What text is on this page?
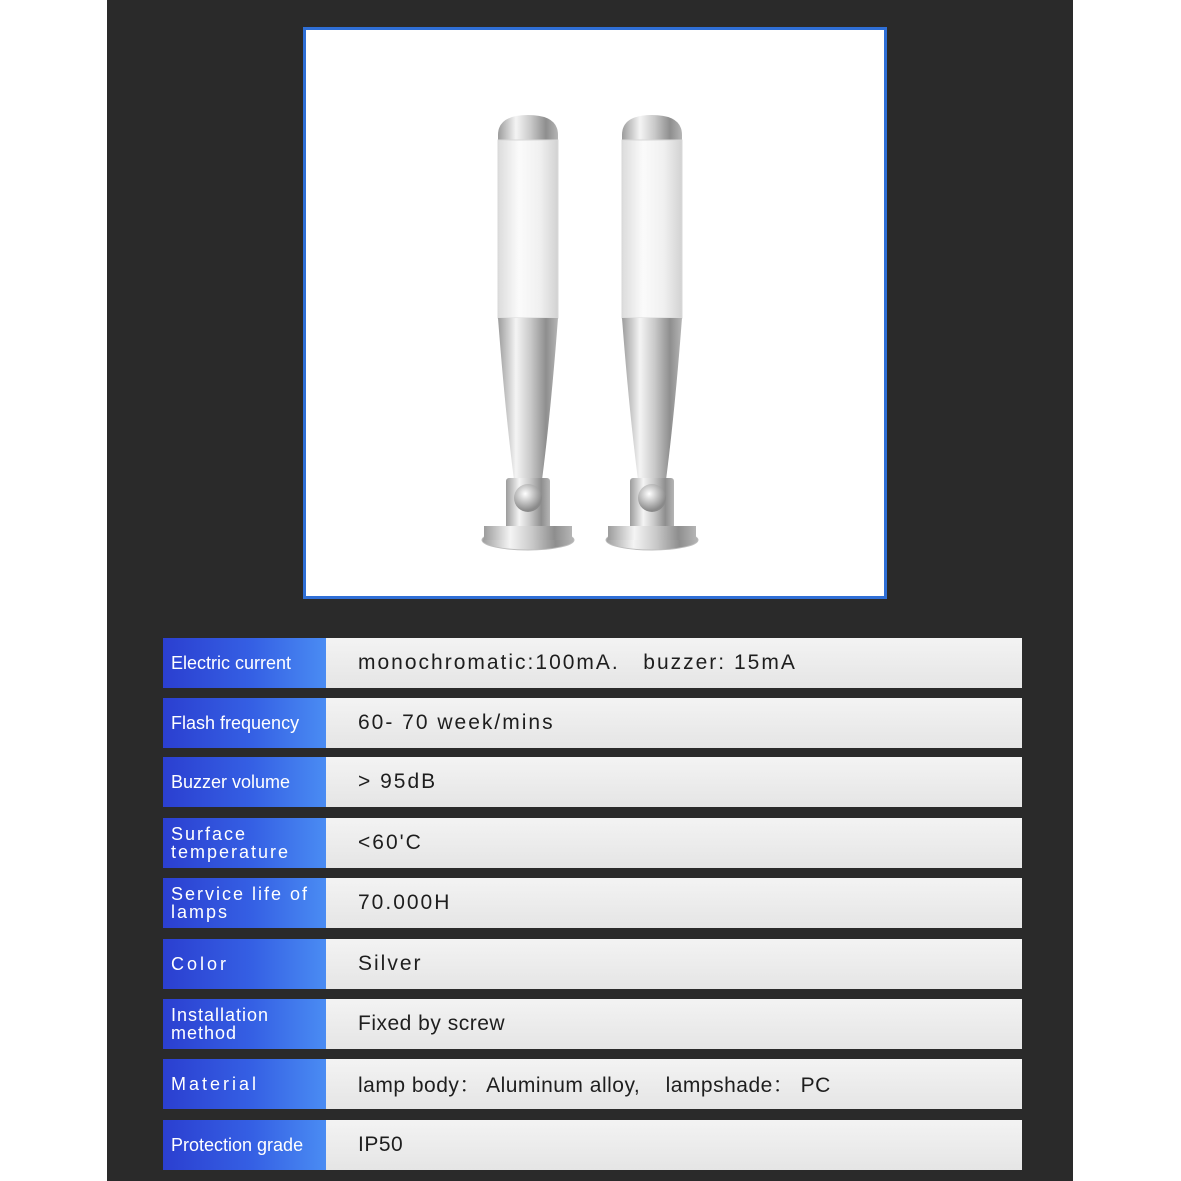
Electric current	monochromatic:100mA.   buzzer: 15mA
Flash frequency	60- 70 week/mins
Buzzer volume	> 95dB
Surface temperature	<60'C
Service life of lamps	70.000H
Color	Silver
Installation method	Fixed by screw
Material	lamp body： Aluminum alloy,    lampshade： PC
Protection grade	IP50
